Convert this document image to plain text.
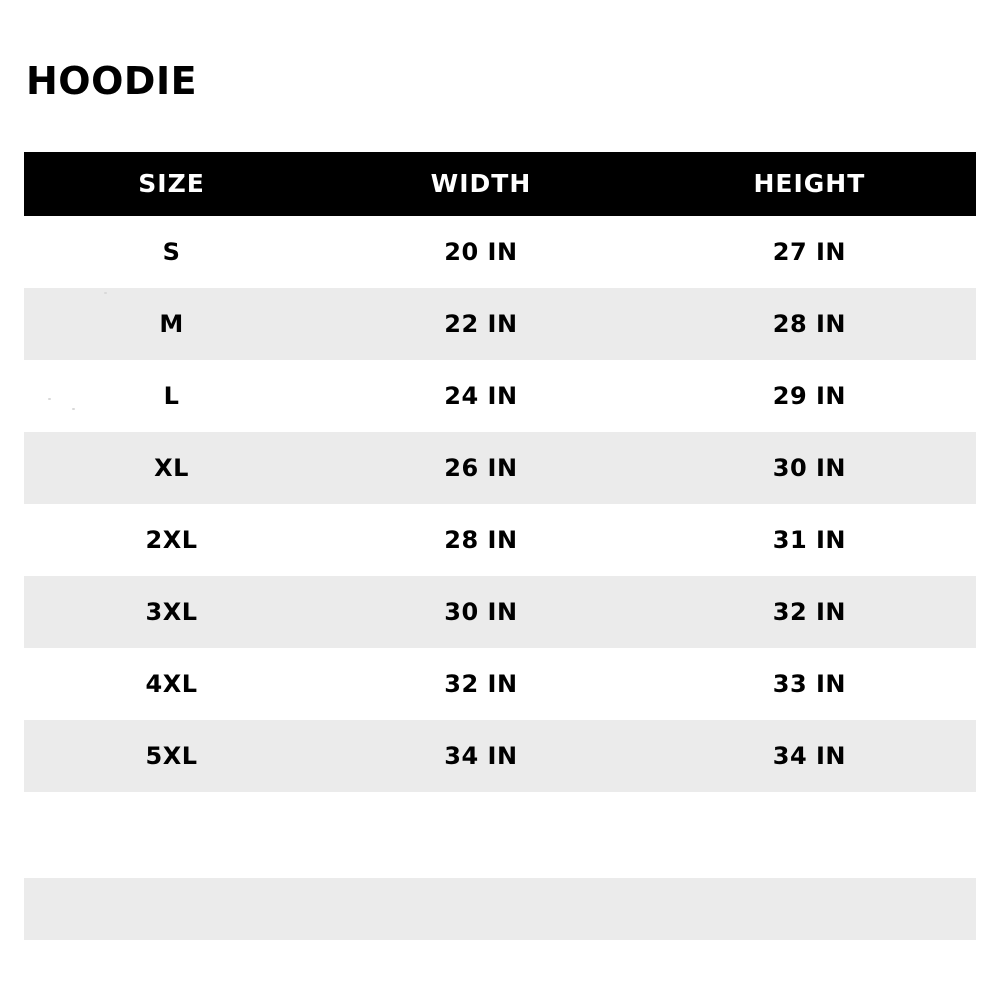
HOODIE
SIZE	WIDTH	HEIGHT
S	20 IN	27 IN
M	22 IN	28 IN
L	24 IN	29 IN
XL	26 IN	30 IN
2XL	28 IN	31 IN
3XL	30 IN	32 IN
4XL	32 IN	33 IN
5XL	34 IN	34 IN
